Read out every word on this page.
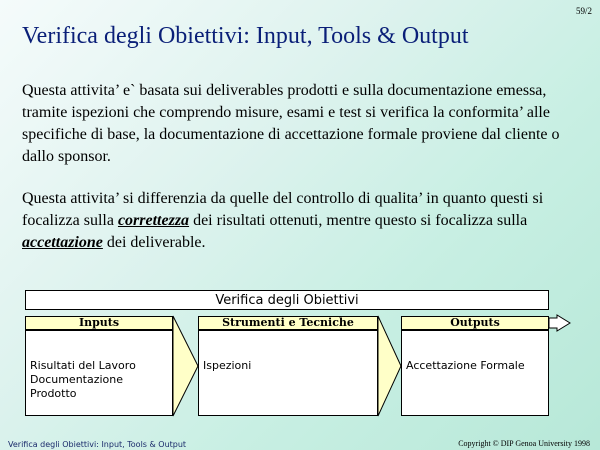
59/2
Verifica degli Obiettivi: Input, Tools & Output

Questa attivita’ e` basata sui deliverables prodotti e sulla documentazione emessa, tramite ispezioni che comprendo misure, esami e test si verifica la conformita’ alle specifiche di base, la documentazione di accettazione formale proviene dal cliente o dallo sponsor.

Questa attivita’ si differenzia da quelle del controllo di qualita’ in quanto questi si focalizza sulla correttezza dei risultati ottenuti, mentre questo si focalizza sulla accettazione dei deliverable.

Verifica degli Obiettivi
Inputs
Risultati del Lavoro
Documentazione Prodotto
Strumenti e Tecniche
Ispezioni
Outputs
Accettazione Formale
Verifica degli Obiettivi: Input, Tools & Output	Copyright © DIP Genoa University 1998
